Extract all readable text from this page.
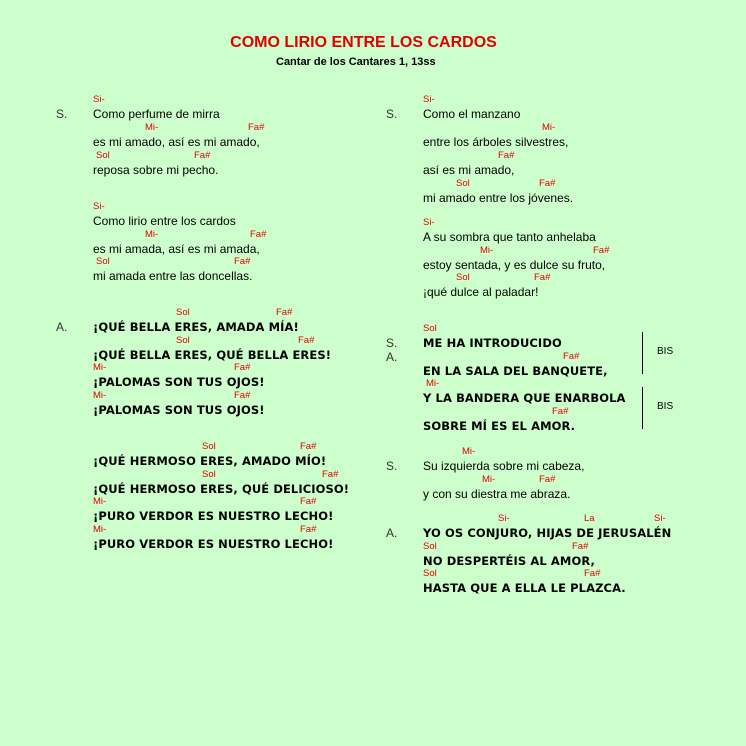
COMO LIRIO ENTRE LOS CARDOS
Cantar de los Cantares 1, 13ss
S.
Si-
Como perfume de mirra
Mi-	Fa#
es mi amado, así es mi amado,
Sol	Fa#
reposa sobre mi pecho.
Si-
Como lirio entre los cardos
Mi-	Fa#
es mi amada, así es mi amada,
Sol	Fa#
mi amada entre las doncellas.
A.
Sol	Fa#
¡QUÉ BELLA ERES, AMADA MÍA!
Sol	Fa#
¡QUÉ BELLA ERES, QUÉ BELLA ERES!
Mi-	Fa#
¡PALOMAS SON TUS OJOS!
Mi-	Fa#
¡PALOMAS SON TUS OJOS!
Sol	Fa#
¡QUÉ HERMOSO ERES, AMADO MÍO!
Sol	Fa#
¡QUÉ HERMOSO ERES, QUÉ DELICIOSO!
Mi-	Fa#
¡PURO VERDOR ES NUESTRO LECHO!
Mi-	Fa#
¡PURO VERDOR ES NUESTRO LECHO!
S.
Si-
Como el manzano
Mi-
entre los árboles silvestres,
Fa#
así es mi amado,
Sol	Fa#
mi amado entre los jóvenes.
Si-
A su sombra que tanto anhelaba
Mi-	Fa#
estoy sentada, y es dulce su fruto,
Sol	Fa#
¡qué dulce al paladar!
S. A.
Sol
ME HA INTRODUCIDO
Fa#
EN LA SALA DEL BANQUETE,
Mi-
Y LA BANDERA QUE ENARBOLA
Fa#
SOBRE MÍ ES EL AMOR.
BIS
BIS
S.
Mi-
Su izquierda sobre mi cabeza,
Mi-	Fa#
y con su diestra me abraza.
A.
Si-	La	Si-
YO OS CONJURO, HIJAS DE JERUSALÉN
Sol	Fa#
NO DESPERTÉIS AL AMOR,
Sol	Fa#
HASTA QUE A ELLA LE PLAZCA.
